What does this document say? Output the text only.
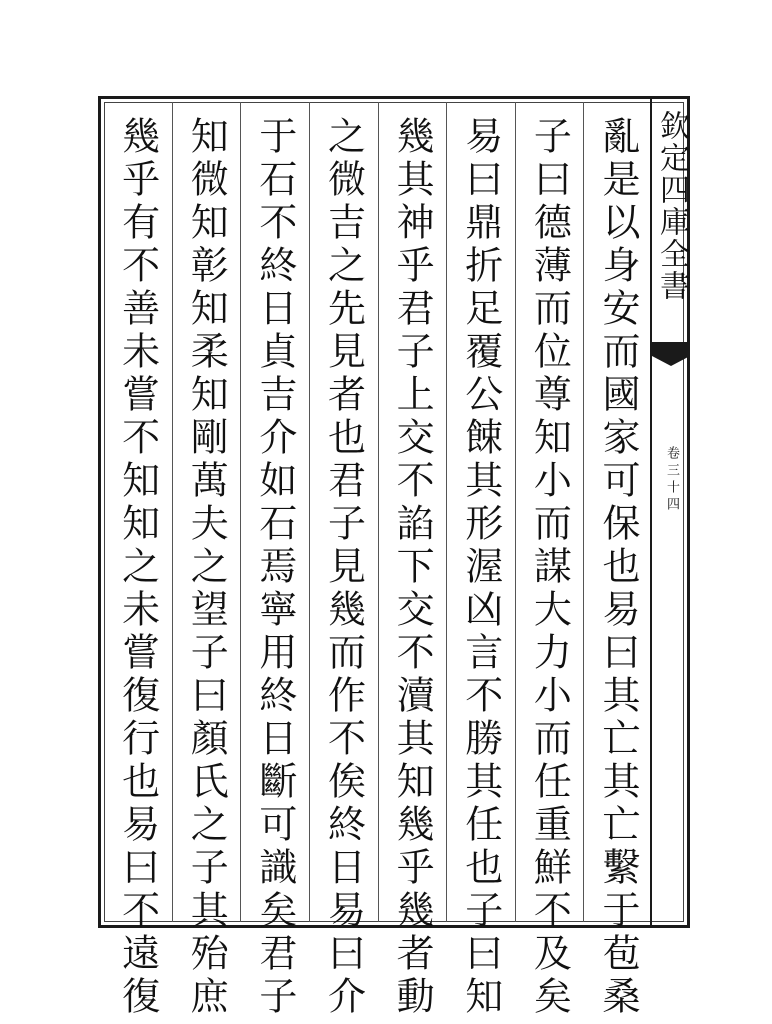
欽定四庫全書
卷三十四
亂是以身安而國家可保也易曰其亡其亡繫于苞桑
子曰德薄而位尊知小而謀大力小而任重鮮不及矣
易曰鼎折足覆公餗其形渥凶言不勝其任也子曰知
幾其神乎君子上交不諂下交不瀆其知幾乎幾者動
之微吉之先見者也君子見幾而作不俟終日易曰介
于石不終日貞吉介如石焉寧用終日斷可識矣君子
知微知彰知柔知剛萬夫之望子曰顏氏之子其殆庶
幾乎有不善未嘗不知知之未嘗復行也易曰不遠復
